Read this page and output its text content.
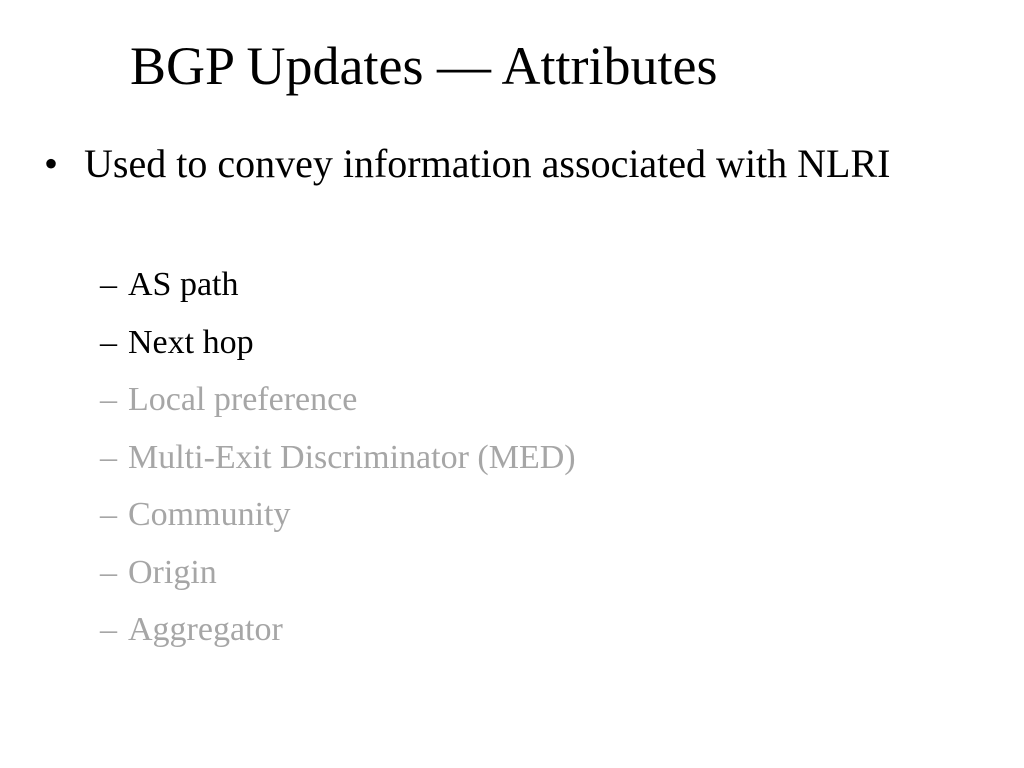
BGP Updates — Attributes
• Used to convey information associated with NLRI
– AS path
– Next hop
– Local preference
– Multi-Exit Discriminator (MED)
– Community
– Origin
– Aggregator
